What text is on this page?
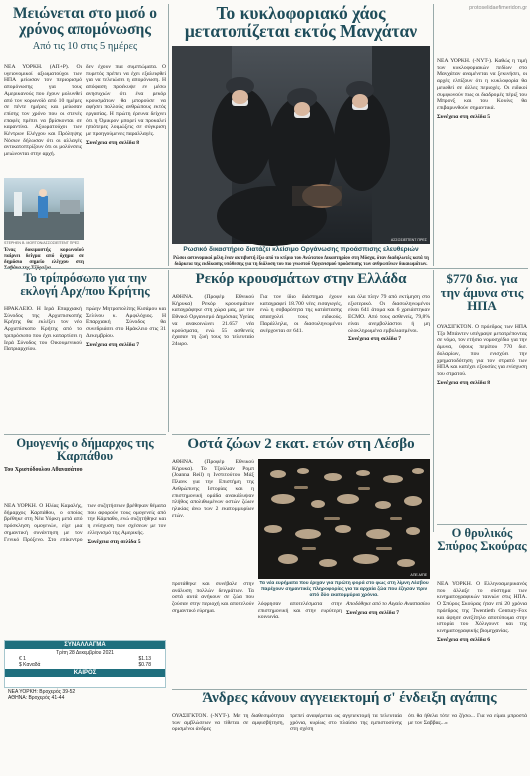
protoselidaefimeridon.gr
Μειώνεται στο μισό ο χρόνος απομόνωσης
Από τις 10 στις 5 ημέρες
ΝΕΑ ΥΟΡΚΗ. (ΑΠ+Ρ). Οι υγειονομικοί αξιωματούχοι των ΗΠΑ μείωσαν τον περιορισμό απομόνωσης για τους Αμερικανούς που έχουν μολυνθεί από τον κορωνοϊό από 10 ημέρες σε πέντε ημέρες και μείωσαν επίσης τον χρόνο που οι στενές επαφές πρέπει να βρίσκονται σε καραντίνα. Αξιωματούχοι των Κέντρων Ελέγχου και Πρόληψης Νόσων δήλωσαν ότι οι αλλαγές αντικατοπτρίζουν ότι οι μολύνσεις μειώνονται στην αρχή.
δεν έχουν πια συμπτώματα. Ο πυρετός πρέπει να έχει εξαλειφθεί για να τελειώσει η απομόνωση. Η απόφαση προέκυψε εν μέσω ανησυχιών ότι ένα ρεκόρ κρουσμάτων θα μπορούσε να αφήσει πολλούς ανθρώπους εκτός εργασίας. Η πρώτη έρευνα δείχνει ότι η Όμικρον μπορεί να προκαλεί ηπιότερες λοιμώξεις σε σύγκριση με προηγούμενες παραλλαγές.
Συνέχεια στη σελίδα 8
STEPHEN B. MORTON/ΑΣΣΟΣΙΕΪΤΕΝΤ ΠΡΕΣ
Ένας δοκιμαστής κορωνοϊού παίρνει δείγμα από όχημα σε δημόσιο σημείο ελέγχου στη Σαβάνα της Τζόρτζια.
Το κυκλοφοριακό χάος μετατοπίζεται εκτός Μανχάταν
ΑΣΣΟΣΙΕΪΤΕΝΤ ΠΡΕΣ
Ρωσικό δικαστήριο διατάζει κλείσιμο Οργάνωσης προάσπισης ελευθεριών
Ρώσοι αστυνομικοί μέλη έναν ακτιβιστή έξω από το κτίριο του Ανώτατου Δικαστηρίου στη Μόσχα, όταν διαδηλωτές κατά τη διάρκεια της εκδίκασης υπόθεσης για τη διάλυση του πιο γνωστού Οργανισμού προάσπισης των ανθρωπίνων δικαιωμάτων.
ΝΕΑ ΥΟΡΚΗ. (-ΝΥΤ-). Καθώς η τιμή των κυκλοφοριακών πεδίων στο Μανχάταν αναμένεται να ξεκινήσει, οι αρχές ελπίζουν ότι η κυκλοφορία θα μειωθεί σε άλλες περιοχές. Οι ειδικοί συμφωνούν πως οι διαδρομές πέριξ του Μπρονξ και του Κουίνς θα επιβαρυνθούν σημαντικά.
Συνέχεια στη σελίδα 5
Το τρίπρόσωπο για την εκλογή Αρχ/που Κρήτης
ΗΡΑΚΛΕΙΟ. Η Ιερά Επαρχιακή Σύνοδος της Αρχιεπισκοπής Κρήτης θα εκλέξει τον νέο Αρχιεπίσκοπο Κρήτης από το τριπρόσωπο που έχει καταρτίσει η Ιερά Σύνοδος του Οικουμενικού Πατριαρχείου.
πρώην Μητροπολίτης Κισάμου και Σελίνου κ. Αμφιλόχιος. Η Επαρχιακή Σύνοδος θα συνεδριάσει στο Ηράκλειο στις 31 Δεκεμβρίου.
Συνέχεια στη σελίδα 7
Ρεκόρ κρουσμάτων στην Ελλάδα
ΑΘΗΝΑ. (Προφέρ Εθνικού Κήρυκα) Ρεκόρ κρουσμάτων καταγράφηκε στη χώρα μας, με τον Εθνικό Οργανισμό Δημόσιας Υγείας να ανακοινώνει 21.657 νέα κρούσματα, ενώ 55 ασθενείς έχασαν τη ζωή τους το τελευταίο 24ωρο.
Για τον ίδιο διάστημα έχουν καταγραφεί 18.700 νέες εισαγωγές, ενώ η σοβαρότητα της κατάστασης απασχολεί τους ειδικούς. Παράλληλα, οι διασωληνωμένοι ανέρχονται σε 641.
και όλα πλην 79 από εκτίμηση στο εξωτερικό. Οι διασωληνωμένοι είναι 641 άτομα και 6 χρειάστηκαν ECMO. Από τους ασθενείς, 79,8% είναι ανεμβολίαστοι ή μη ολοκληρωμένα εμβολιασμένοι.
Συνέχεια στη σελίδα 7
$770 δισ. για την άμυνα στις ΗΠΑ
ΟΥΑΣΙΓΚΤΟΝ. Ο πρόεδρος των ΗΠΑ Τζο Μπάιντεν υπέγραψε μετατρέποντας σε νόμο, τον ετήσιο νομοσχέδιο για την άμυνα, ύψους περίπου 770 δισ. δολαρίων, που ενισχύει την χρηματοδότηση για τον στρατό των ΗΠΑ και κατέχει εξουσίες για ενίσχυση του στρατού.
Συνέχεια στη σελίδα 8
Ομογενής ο δήμαρχος της Καρπάθου
Του Χριστόδουλου Αθανασάτου
ΝΕΑ ΥΟΡΚΗ. Ο Ηλίας Καραλής, δήμαρχος Καρπάθου, ο οποίος βρέθηκε στη Νέα Υόρκη μετά από πρόσκληση ομογενών, είχε μια σημαντική συνάντηση με τον Γενικό Πρόξενο. Στο επίκεντρο των συζητήσεων βρέθηκαν θέματα που αφορούν τους ομογενείς από την Κάρπαθο, ενώ συζητήθηκε και η ενίσχυση των σχέσεων με τον ελληνισμό της Αμερικής.
Συνέχεια στη σελίδα 5
Οστά ζώων 2 εκατ. ετών στη Λέσβο
ΑΘΗΝΑ. (Προφέρ Εθνικού Κήρυκα). Το Τζούλιαν Ρομπ (Joanna Reil) η Ινστιτούτου Μάξ Πλανκ για την Επιστήμη της Ανθρώπινης Ιστορίας και η επιστημονική ομάδα ανακάλυψαν πλήθος απολιθωμένων οστών ζώων ηλικίας άνω των 2 εκατομμυρίων ετών.
ΑΠΕ-ΜΠΕ
προτάθηκε και συνέβαλε στην ανάλυση πολλών δειγμάτων. Τα οστά αυτά ανήκουν σε ζώα που ζούσαν στην περιοχή και αποτελούν σημαντικό εύρημα.
Τα νέα ευρήματα που έριχαν για πρώτη φορά στο φως στη λίμνη Λέσβου παρέχουν σημαντικές πληροφορίες για τα αρχαία ζώα που έζησαν πριν από δύο εκατομμύρια χρόνια.
λόφρησαν αποτελέσματα στην επιστημονική και στην ευρύτερη κοινωνία.
Αποδόθηκε από το Αιγαίο Αναστασίου
Συνέχεια στη σελίδα 7
Ο θρυλικός Σπύρος Σκούρας
ΝΕΑ ΥΟΡΚΗ. Ο Ελληνοαμερικανός που άλλαξε το σύστημα των κινηματογραφικών ταινιών στις ΗΠΑ. Ο Σπύρος Σκούρας ήταν επί 20 χρόνια πρόεδρος της Twentieth Century-Fox και άφησε ανεξίτηλο αποτύπωμα στην ιστορία του Χόλιγουντ και της κινηματογραφικής βιομηχανίας.
Συνέχεια στη σελίδα 6
ΣΥΝΑΛΛΑΓΜΑ
Τρίτη 28 Δεκεμβρίου 2021
€ 1	$1.13
$ Καναδά	$0.78
ΚΑΙΡΟΣ
ΝΕΑ ΥΟΡΚΗ: Βροχερός 39-52
ΑΘΗΝΑ: Βροχερός 41-44	Άνδρες κάνουν αγγειεκτομή σ' ένδειξη αγάπης
ΟΥΑΣΙΓΚΤΟΝ. (-ΝΥΤ-). Με τη διαθεσιμότητα των αμβλώσεων να τίθεται σε αμφισβήτηση, ορισμένοι άνδρες
τρεπεί αναφέρεται ως αγγειεκτομή τα τελευταία χρόνια, κυρίως στο πλαίσιο της εμπιστοσύνης στη σχέση
ότι θα ήθελα τότε να ζήσω... Για να είμαι μπροστά με τον Σαββας...»
